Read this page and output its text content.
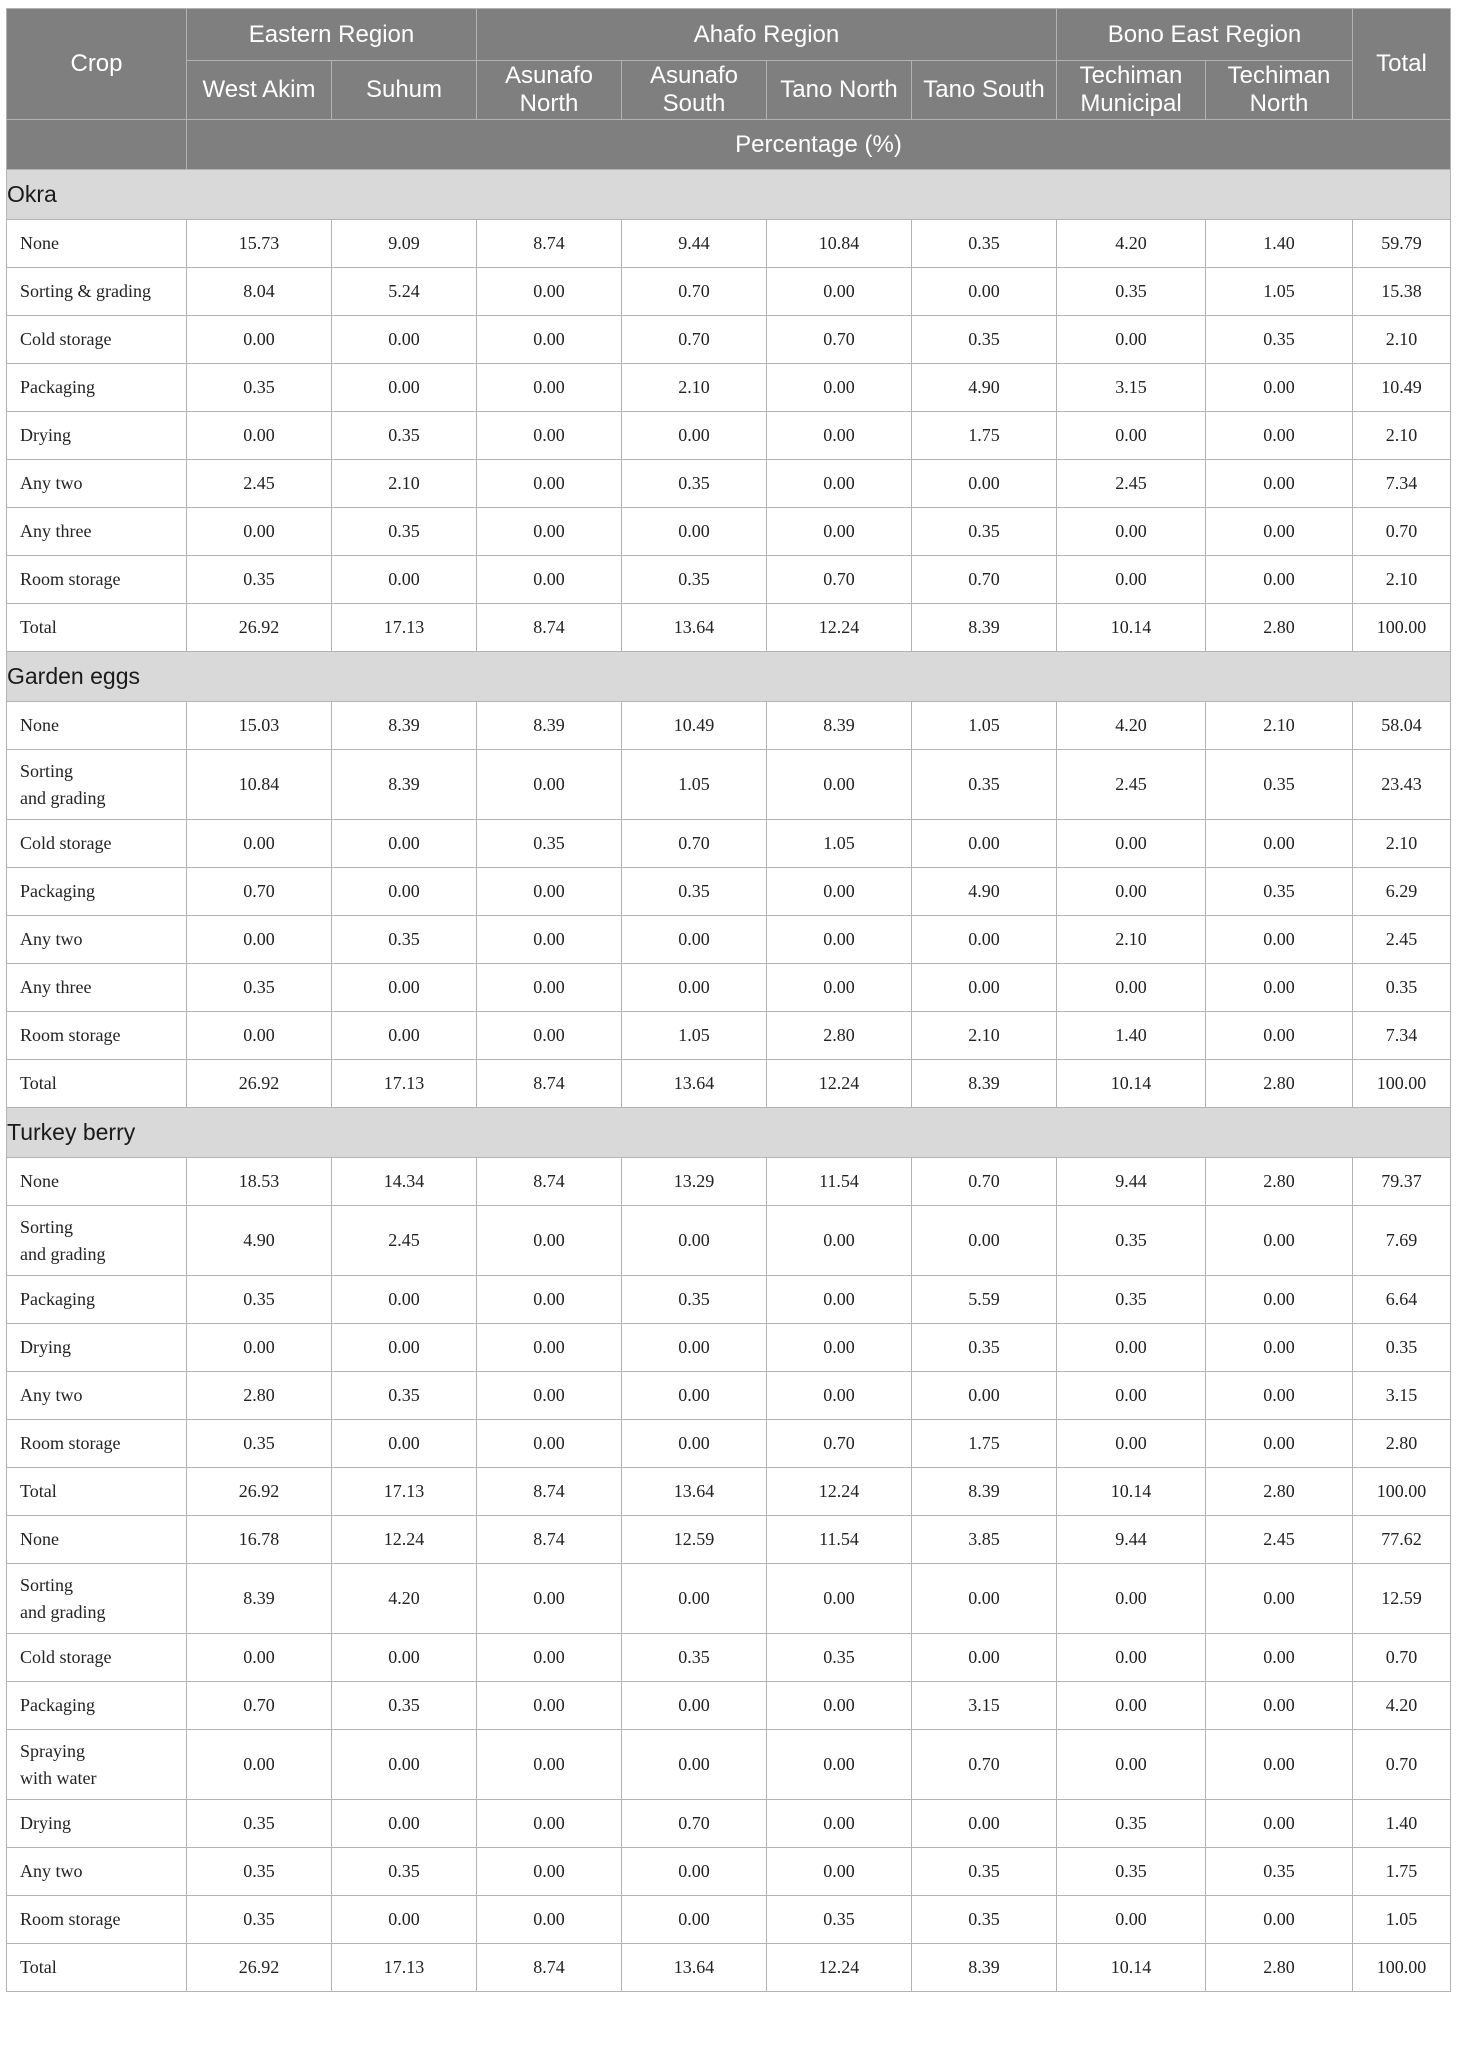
Crop	Eastern Region		Ahafo Region				Bono East Region		Total
	West Akim	Suhum	Asunafo North	Asunafo South	Tano North	Tano South	Techiman Municipal	Techiman North	
	Percentage (%)								
Okra									
None	15.73	9.09	8.74	9.44	10.84	0.35	4.20	1.40	59.79
Sorting & grading	8.04	5.24	0.00	0.70	0.00	0.00	0.35	1.05	15.38
Cold storage	0.00	0.00	0.00	0.70	0.70	0.35	0.00	0.35	2.10
Packaging	0.35	0.00	0.00	2.10	0.00	4.90	3.15	0.00	10.49
Drying	0.00	0.35	0.00	0.00	0.00	1.75	0.00	0.00	2.10
Any two	2.45	2.10	0.00	0.35	0.00	0.00	2.45	0.00	7.34
Any three	0.00	0.35	0.00	0.00	0.00	0.35	0.00	0.00	0.70
Room storage	0.35	0.00	0.00	0.35	0.70	0.70	0.00	0.00	2.10
Total	26.92	17.13	8.74	13.64	12.24	8.39	10.14	2.80	100.00
Garden eggs									
None	15.03	8.39	8.39	10.49	8.39	1.05	4.20	2.10	58.04
Sorting
and grading	10.84	8.39	0.00	1.05	0.00	0.35	2.45	0.35	23.43
Cold storage	0.00	0.00	0.35	0.70	1.05	0.00	0.00	0.00	2.10
Packaging	0.70	0.00	0.00	0.35	0.00	4.90	0.00	0.35	6.29
Any two	0.00	0.35	0.00	0.00	0.00	0.00	2.10	0.00	2.45
Any three	0.35	0.00	0.00	0.00	0.00	0.00	0.00	0.00	0.35
Room storage	0.00	0.00	0.00	1.05	2.80	2.10	1.40	0.00	7.34
Total	26.92	17.13	8.74	13.64	12.24	8.39	10.14	2.80	100.00
Turkey berry									
None	18.53	14.34	8.74	13.29	11.54	0.70	9.44	2.80	79.37
Sorting
and grading	4.90	2.45	0.00	0.00	0.00	0.00	0.35	0.00	7.69
Packaging	0.35	0.00	0.00	0.35	0.00	5.59	0.35	0.00	6.64
Drying	0.00	0.00	0.00	0.00	0.00	0.35	0.00	0.00	0.35
Any two	2.80	0.35	0.00	0.00	0.00	0.00	0.00	0.00	3.15
Room storage	0.35	0.00	0.00	0.00	0.70	1.75	0.00	0.00	2.80
Total	26.92	17.13	8.74	13.64	12.24	8.39	10.14	2.80	100.00
None	16.78	12.24	8.74	12.59	11.54	3.85	9.44	2.45	77.62
Sorting
and grading	8.39	4.20	0.00	0.00	0.00	0.00	0.00	0.00	12.59
Cold storage	0.00	0.00	0.00	0.35	0.35	0.00	0.00	0.00	0.70
Packaging	0.70	0.35	0.00	0.00	0.00	3.15	0.00	0.00	4.20
Spraying
with water	0.00	0.00	0.00	0.00	0.00	0.70	0.00	0.00	0.70
Drying	0.35	0.00	0.00	0.70	0.00	0.00	0.35	0.00	1.40
Any two	0.35	0.35	0.00	0.00	0.00	0.35	0.35	0.35	1.75
Room storage	0.35	0.00	0.00	0.00	0.35	0.35	0.00	0.00	1.05
Total	26.92	17.13	8.74	13.64	12.24	8.39	10.14	2.80	100.00
